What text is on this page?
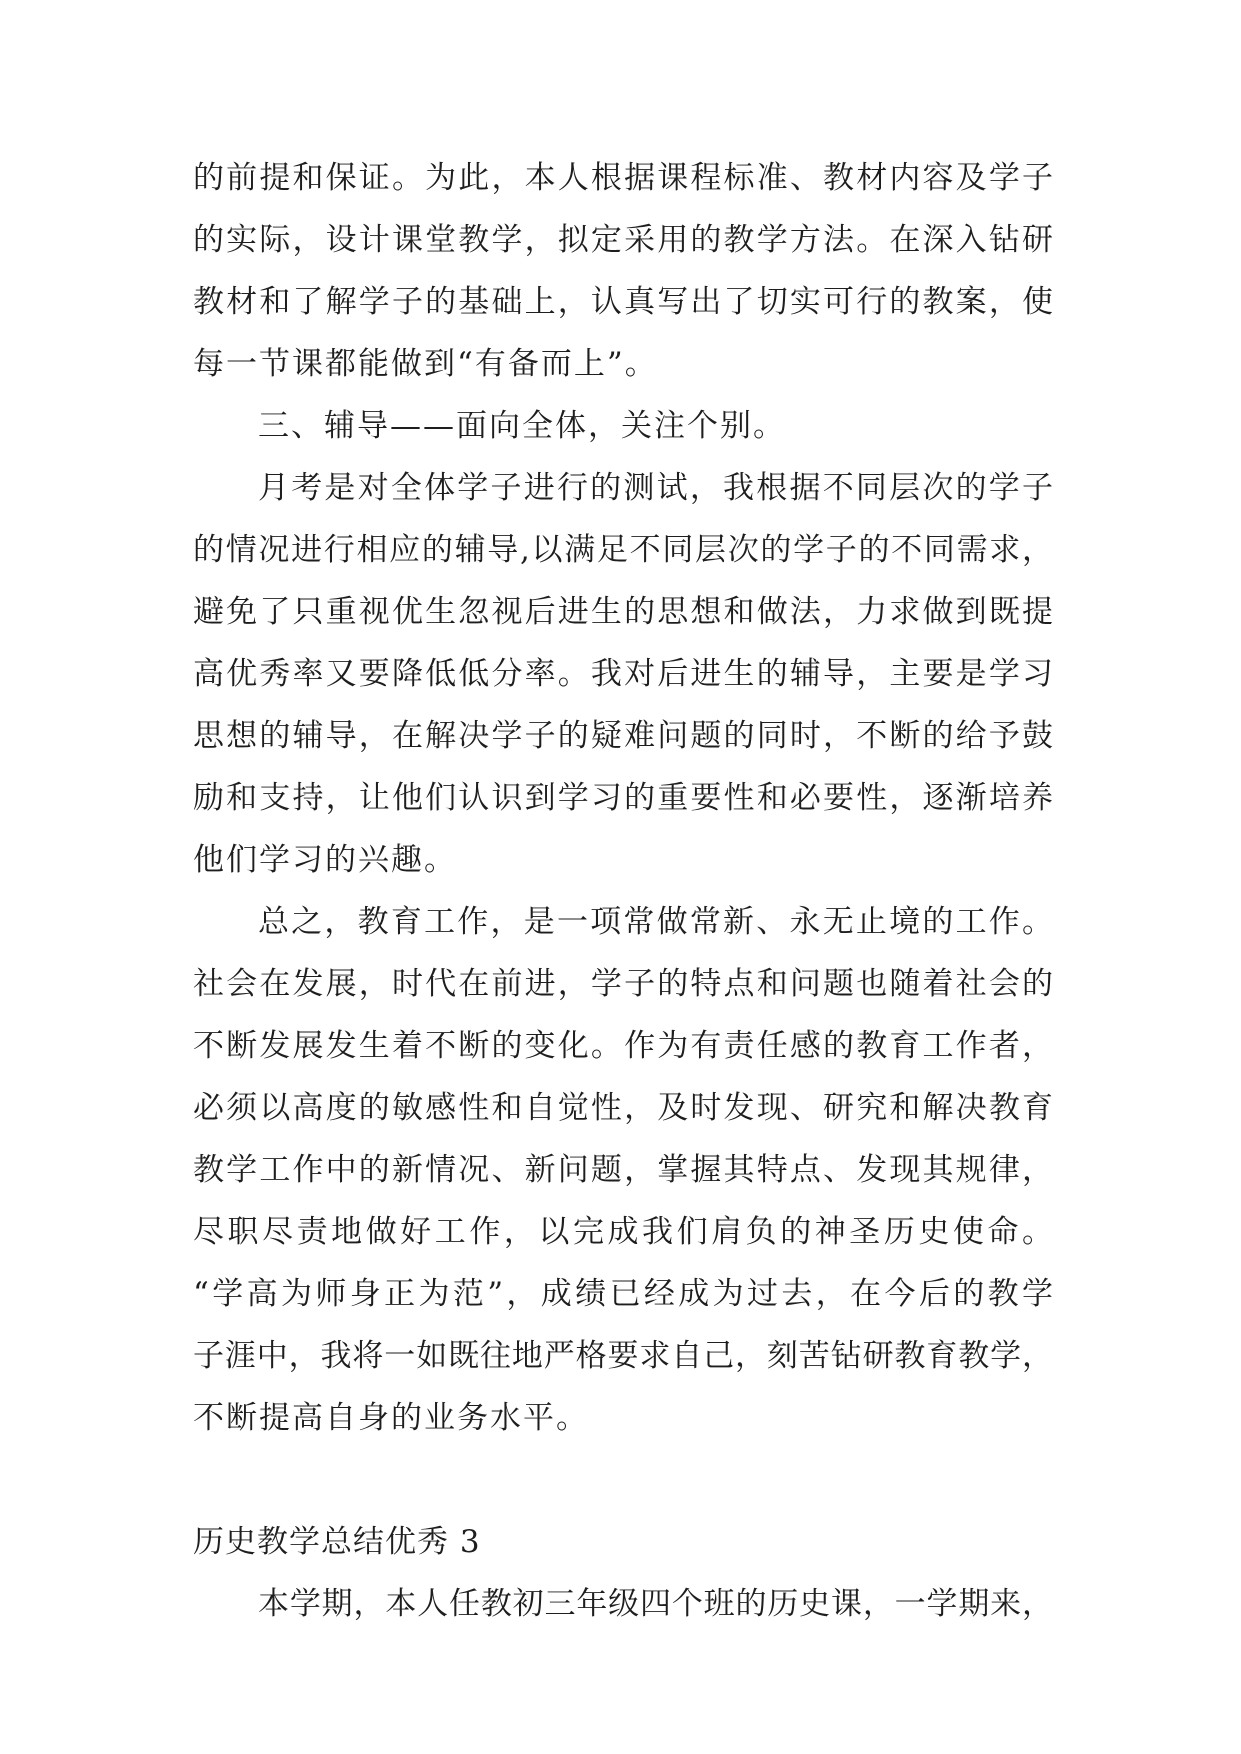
的前提和保证。为此，本人根据课程标准、教材内容及学子
的实际，设计课堂教学，拟定采用的教学方法。在深入钻研
教材和了解学子的基础上，认真写出了切实可行的教案，使
每一节课都能做到“有备而上”。
三、辅导——面向全体，关注个别。
月考是对全体学子进行的测试，我根据不同层次的学子
的情况进行相应的辅导,以满足不同层次的学子的不同需求，
避免了只重视优生忽视后进生的思想和做法，力求做到既提
高优秀率又要降低低分率。我对后进生的辅导，主要是学习
思想的辅导，在解决学子的疑难问题的同时，不断的给予鼓
励和支持，让他们认识到学习的重要性和必要性，逐渐培养
他们学习的兴趣。
总之，教育工作，是一项常做常新、永无止境的工作。
社会在发展，时代在前进，学子的特点和问题也随着社会的
不断发展发生着不断的变化。作为有责任感的教育工作者，
必须以高度的敏感性和自觉性，及时发现、研究和解决教育
教学工作中的新情况、新问题，掌握其特点、发现其规律，
尽职尽责地做好工作，以完成我们肩负的神圣历史使命。
“学高为师身正为范”，成绩已经成为过去，在今后的教学
子涯中，我将一如既往地严格要求自己，刻苦钻研教育教学，
不断提高自身的业务水平。
历史教学总结优秀 3
本学期，本人任教初三年级四个班的历史课，一学期来，
